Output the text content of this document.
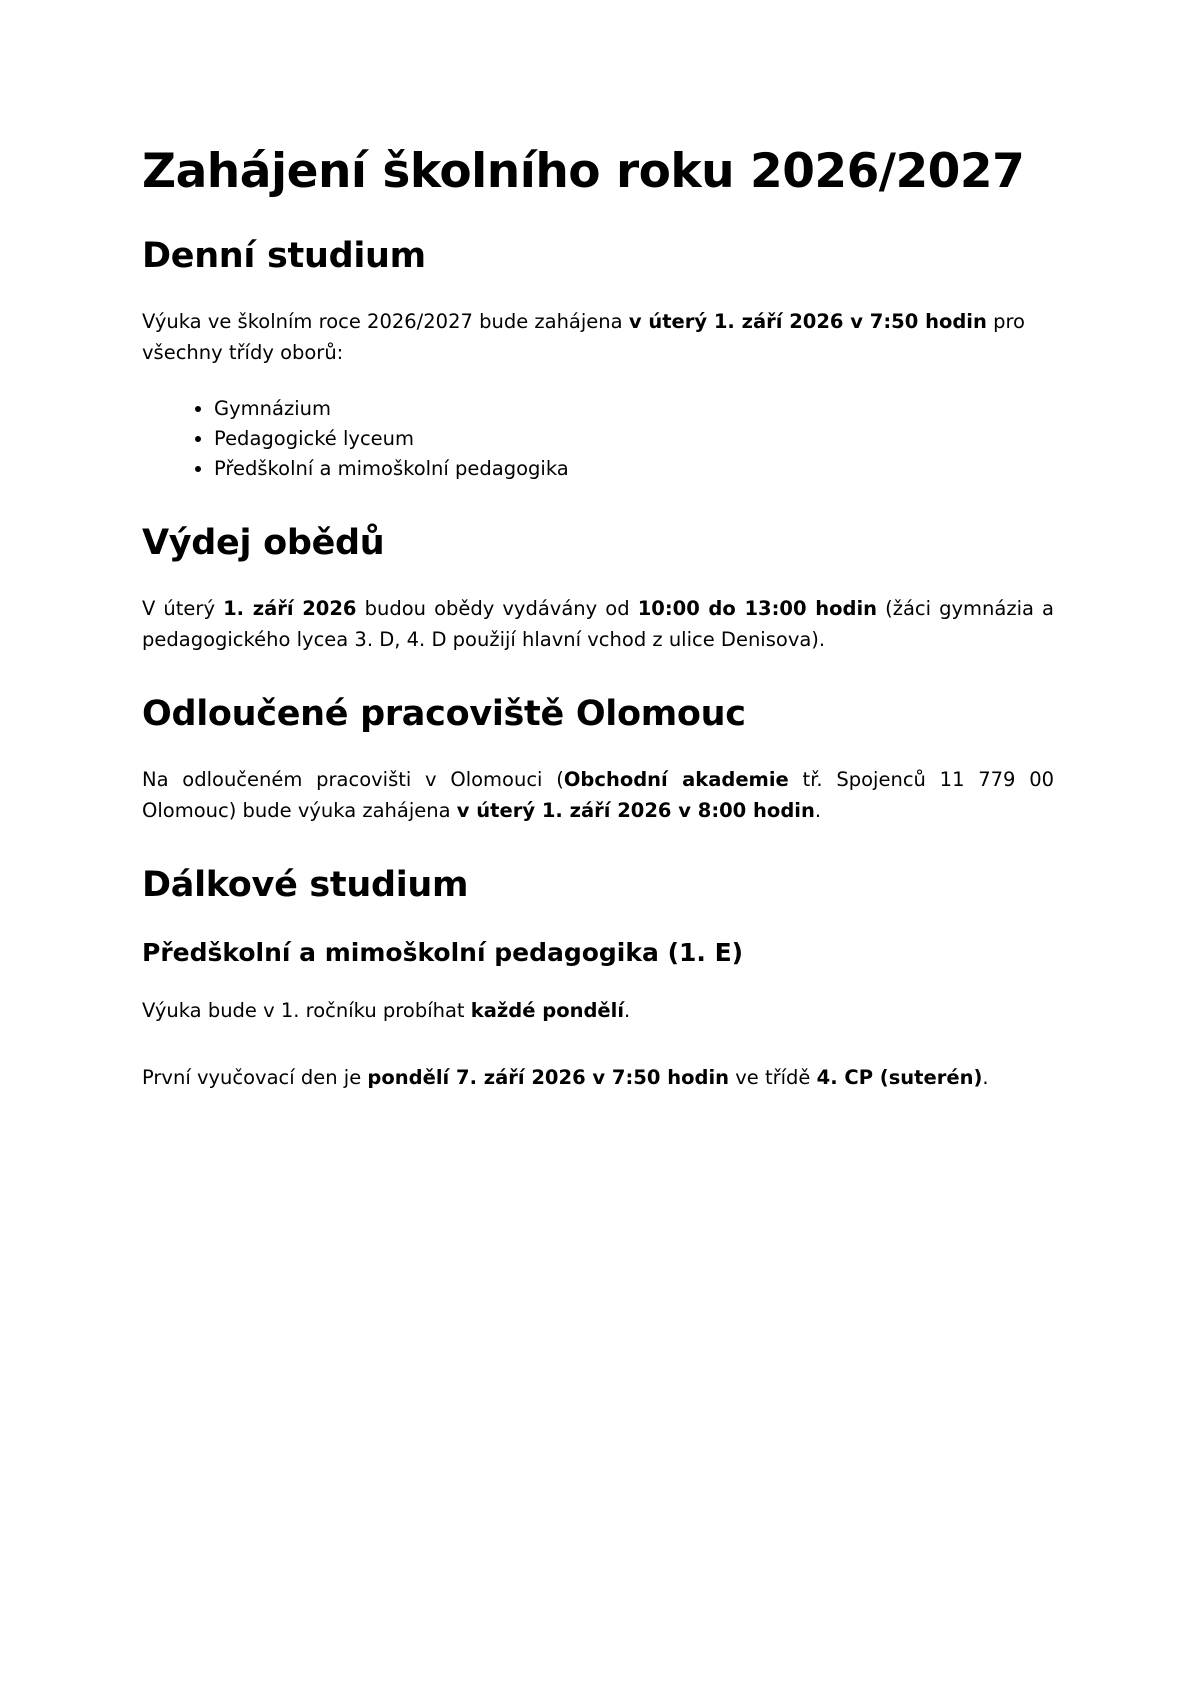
Zahájení školního roku 2026/2027
Denní studium

Výuka ve školním roce 2026/2027 bude zahájena v úterý 1. září 2026 v 7:50 hodin pro všechny třídy oborů:

• Gymnázium
• Pedagogické lyceum
• Předškolní a mimoškolní pedagogika
Výdej obědů

V úterý 1. září 2026 budou obědy vydávány od 10:00 do 13:00 hodin (žáci gymnázia a pedagogického lycea 3. D, 4. D použijí hlavní vchod z ulice Denisova).

Odloučené pracoviště Olomouc

Na odloučeném pracovišti v Olomouci (Obchodní akademie tř. Spojenců 11 779 00 Olomouc) bude výuka zahájena v úterý 1. září 2026 v 8:00 hodin.

Dálkové studium
Předškolní a mimoškolní pedagogika (1. E)

Výuka bude v 1. ročníku probíhat každé pondělí.

První vyučovací den je pondělí 7. září 2026 v 7:50 hodin ve třídě 4. CP (suterén).
